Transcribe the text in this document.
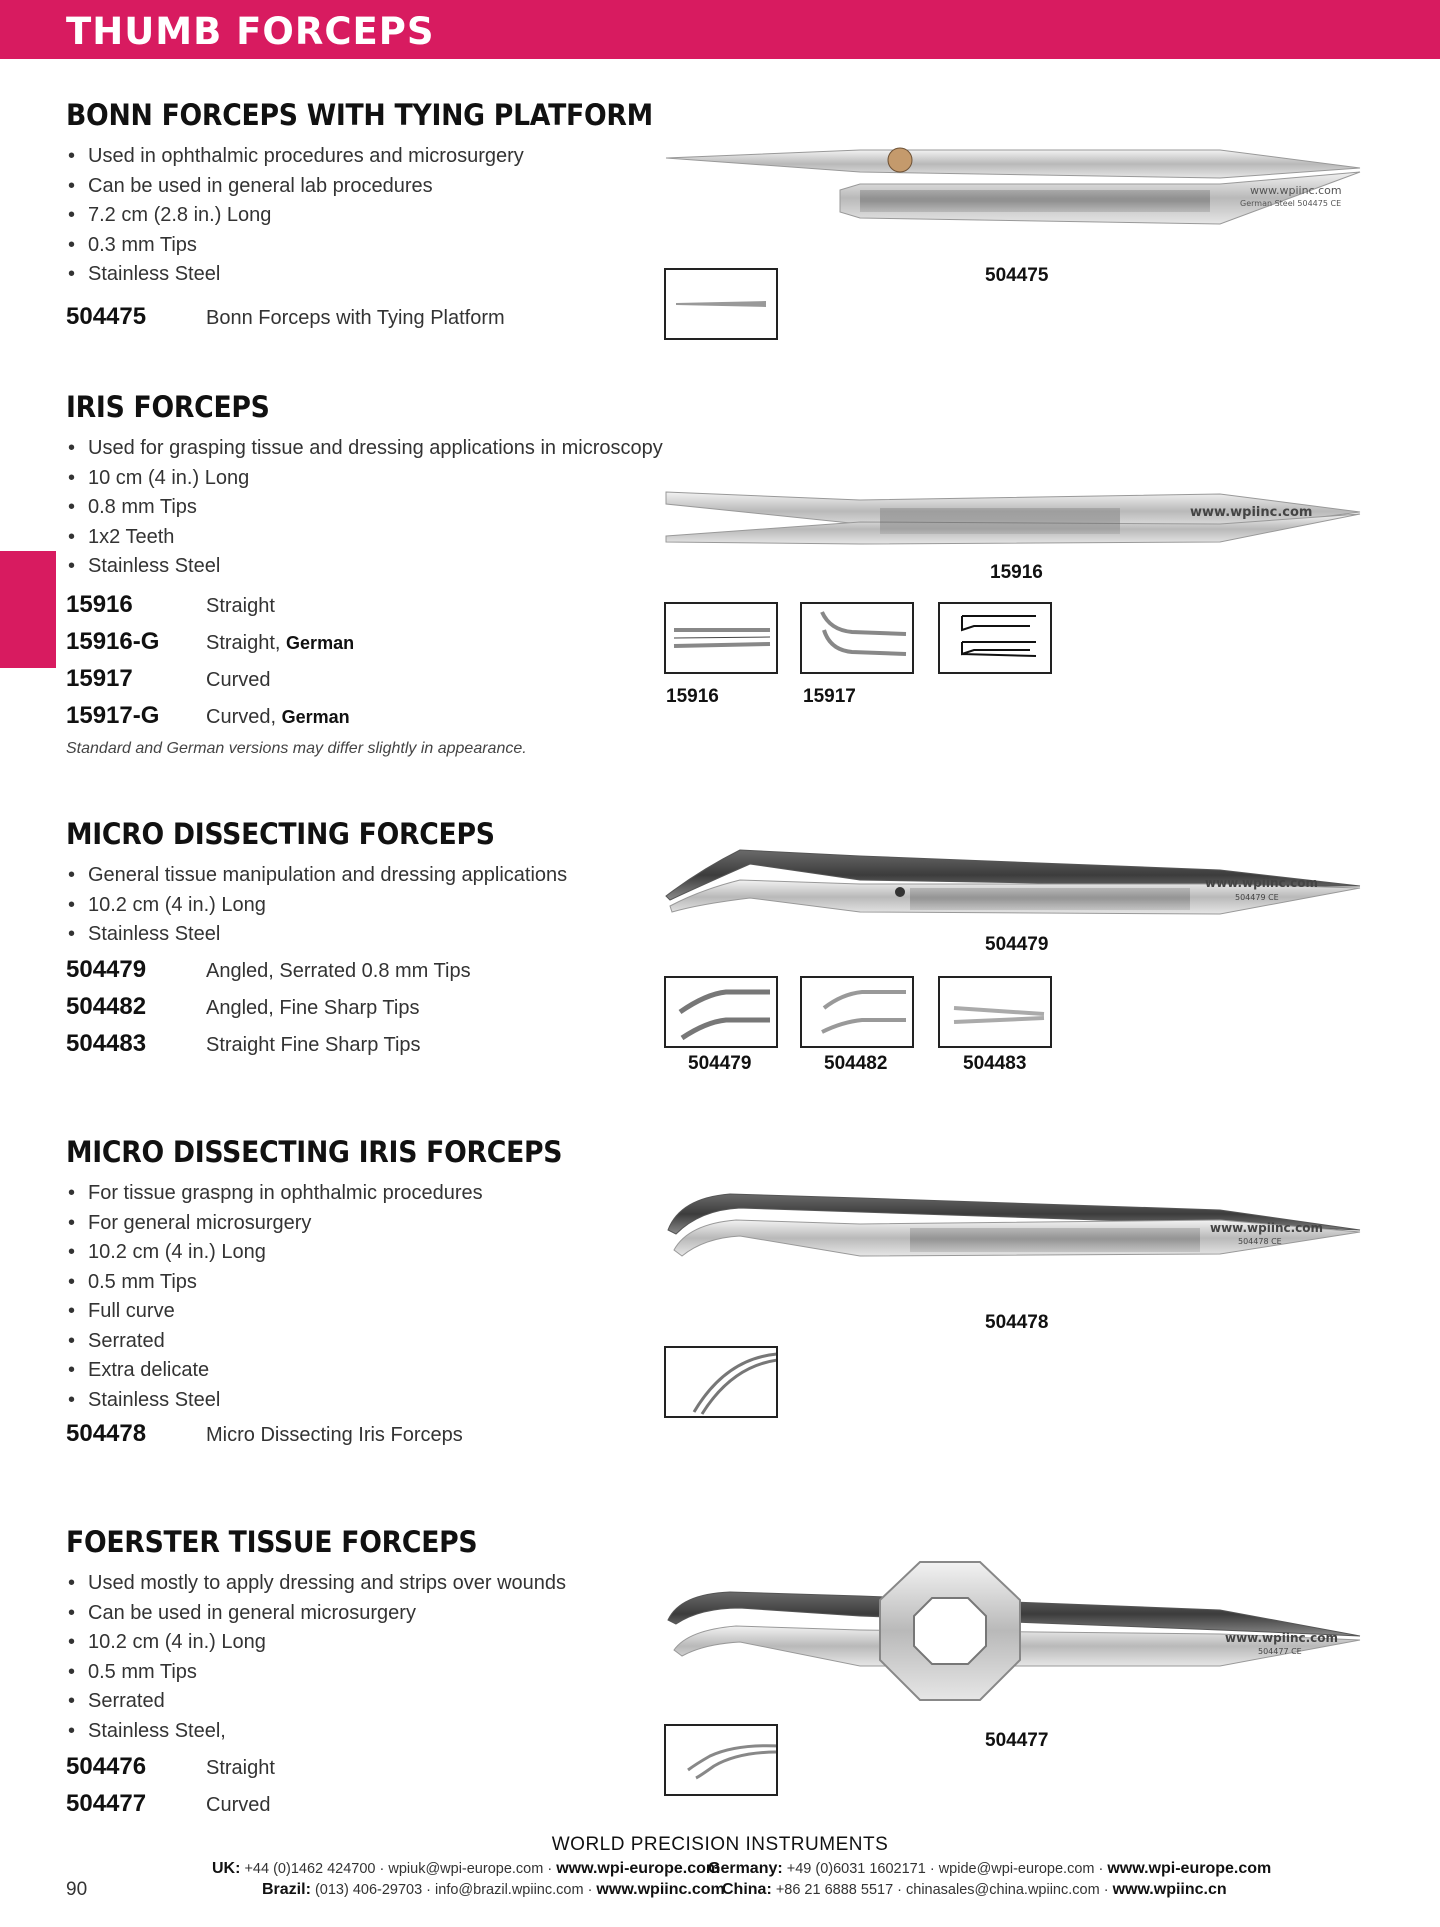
THUMB FORCEPS
BONN FORCEPS WITH TYING PLATFORM
• Used in ophthalmic procedures and microsurgery
• Can be used in general lab procedures
• 7.2 cm (2.8 in.) Long
• 0.3 mm Tips
• Stainless Steel
504475	Bonn Forceps with Tying Platform
www.wpiinc.com
German Steel 504475 CE
504475
IRIS FORCEPS
• Used for grasping tissue and dressing applications in microscopy
• 10 cm (4 in.) Long
• 0.8 mm Tips
• 1x2 Teeth
• Stainless Steel
15916	Straight
15916-G Straight, German
15917	Curved
15917-G Curved, German
Standard and German versions may differ slightly in appearance.
www.wpiinc.com
15916
15916	15917
MICRO DISSECTING FORCEPS
• General tissue manipulation and dressing applications
• 10.2 cm (4 in.) Long
• Stainless Steel
504479	Angled, Serrated 0.8 mm Tips
504482	Angled, Fine Sharp Tips
504483	Straight Fine Sharp Tips
www.wpiinc.com
504479 CE
504479
504479	504482	504483
MICRO DISSECTING IRIS FORCEPS
• For tissue graspng in ophthalmic procedures
• For general microsurgery
• 10.2 cm (4 in.) Long
• 0.5 mm Tips
• Full curve
• Serrated
• Extra delicate
• Stainless Steel
504478	Micro Dissecting Iris Forceps
www.wpiinc.com
504478 CE
504478
FOERSTER TISSUE FORCEPS
• Used mostly to apply dressing and strips over wounds
• Can be used in general microsurgery
• 10.2 cm (4 in.) Long
• 0.5 mm Tips
• Serrated
• Stainless Steel,
504476	Straight
504477	Curved
www.wpiinc.com
504477 CE
504477
WORLD PRECISION INSTRUMENTS
UK: +44 (0)1462 424700 · wpiuk@wpi-europe.com · www.wpi-europe.com
Germany: +49 (0)6031 1602171 · wpide@wpi-europe.com · www.wpi-europe.com
Brazil: (013) 406-29703 · info@brazil.wpiinc.com · www.wpiinc.com
China: +86 21 6888 5517 · chinasales@china.wpiinc.com · www.wpiinc.cn
90
